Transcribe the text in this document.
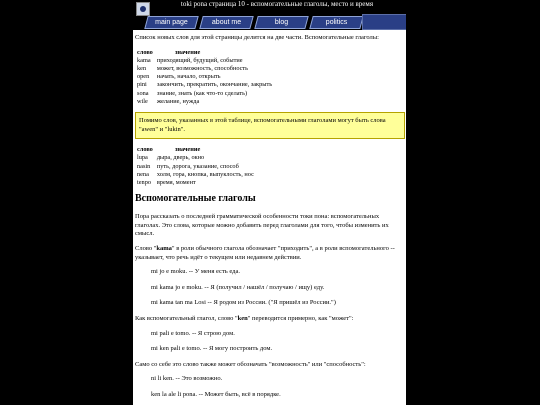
toki pona страница 10 - вспомогательные глаголы, место и время
main page	about me	blog	politics

Список новых слов для этой страницы делится на две части. Вспомогательные глаголы:

слово	значение
kama	приходящий, будущий, событие
ken	может, возможность, способность
open	начать, начало, открыть
pini	закончить, прекратить, окончание, закрыть
sona	знание, знать (как что-то сделать)
wile	желание, нужда
Помимо слов, указанных в этой таблице, вспомогательными глаголами могут быть слова "awen" и "lukin".
слово	значение
lupa	дыра, дверь, окно
nasin	путь, дорога, указание, способ
nena	холм, гора, кнопка, выпуклость, нос
tenpo	время, момент
Вспомогательные глаголы

Пора рассказать о последней грамматической особенности токи пона: вспомогательных глаголах. Это слова, которые можно добавить перед глаголами для того, чтобы изменить их смысл.

Слово "kama" в роли обычного глагола обозначает "приходить", а в роли вспомогательного -- указывает, что речь идёт о текущем или недавнем действии.

mi jo e moku. -- У меня есть еда.

mi kama jo e moku. -- Я (получил / нашёл / получаю / ищу) еду.

mi kama tan ma Losi -- Я родом из России. ("Я пришёл из России.")

Как вспомогательный глагол, слово "ken" переводится примерно, как "может":

mi pali e tomo. -- Я строю дом.

mi ken pali e tomo. -- Я могу построить дом.

Само со себе это слово также может обозначать "возможность" или "способность":

ni li ken. -- Это возможно.

ken la ale li pona. -- Может быть, всё в порядке.
